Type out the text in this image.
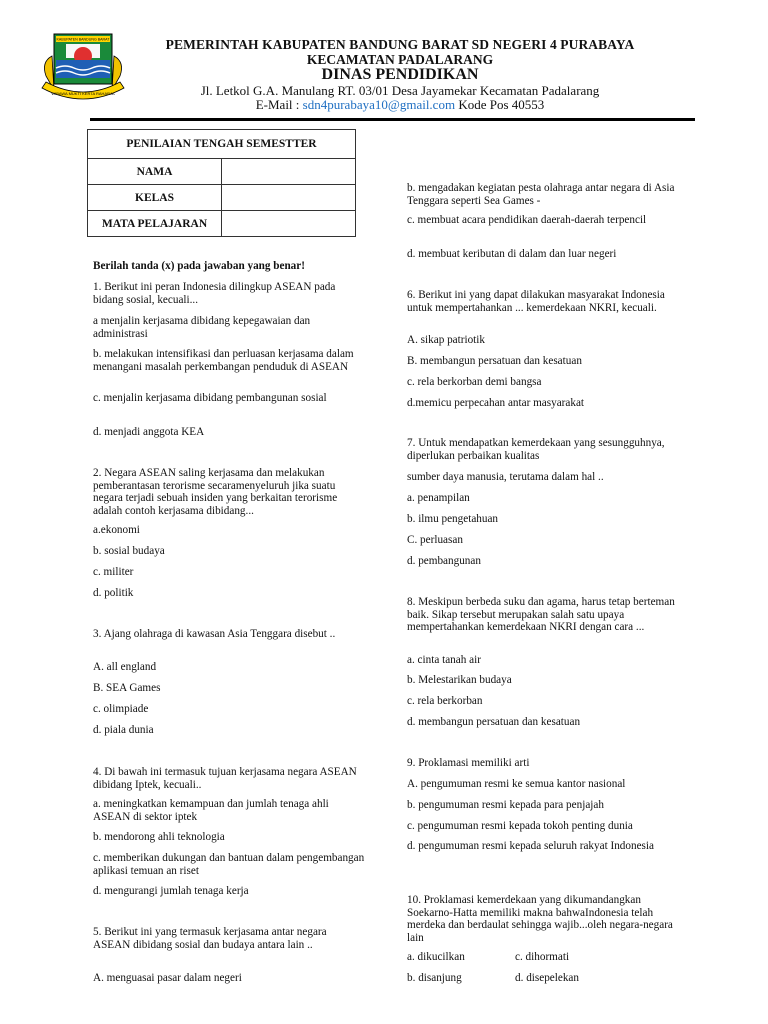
KABUPATEN BANDUNG BARAT
WIBAWA MUKTI KERTA RAHARJA
PEMERINTAH KABUPATEN BANDUNG BARAT SD NEGERI 4 PURABAYA
KECAMATAN PADALARANG
DINAS PENDIDIKAN
Jl. Letkol G.A. Manulang RT. 03/01 Desa Jayamekar Kecamatan Padalarang
E-Mail : sdn4purabaya10@gmail.com Kode Pos 40553
PENILAIAN TENGAH SEMESTTER	
NAMA	
KELAS	
MATA PELAJARAN	
Berilah tanda (x) pada jawaban yang benar!
1. Berikut ini peran Indonesia dilingkup ASEAN pada bidang sosial, kecuali...
a menjalin kerjasama dibidang kepegawaian dan administrasi
b. melakukan intensifikasi dan perluasan kerjasama dalam menangani masalah perkembangan penduduk di ASEAN
c. menjalin kerjasama dibidang pembangunan sosial
d. menjadi anggota KEA
2. Negara ASEAN saling kerjasama dan melakukan pemberantasan terorisme secaramenyeluruh jika suatu negara terjadi sebuah insiden yang berkaitan terorisme adalah contoh kerjasama dibidang...
a.ekonomi
b. sosial budaya
c. militer
d. politik
3. Ajang olahraga di kawasan Asia Tenggara disebut ..
A. all england
B. SEA Games
c. olimpiade
d. piala dunia
4. Di bawah ini termasuk tujuan kerjasama negara ASEAN dibidang Iptek, kecuali..
a. meningkatkan kemampuan dan jumlah tenaga ahli ASEAN di sektor iptek
b. mendorong ahli teknologia
c. memberikan dukungan dan bantuan dalam pengembangan aplikasi temuan an riset
d. mengurangi jumlah tenaga kerja
5. Berikut ini yang termasuk kerjasama antar negara ASEAN dibidang sosial dan budaya antara lain ..
A. menguasai pasar dalam negeri
b. mengadakan kegiatan pesta olahraga antar negara di Asia Tenggara seperti Sea Games -
c. membuat acara pendidikan daerah-daerah terpencil
d. membuat keributan di dalam dan luar negeri
6. Berikut ini yang dapat dilakukan masyarakat Indonesia untuk mempertahankan ... kemerdekaan NKRI, kecuali.
A. sikap patriotik
B. membangun persatuan dan kesatuan
c. rela berkorban demi bangsa
d.memicu perpecahan antar masyarakat
7. Untuk mendapatkan kemerdekaan yang sesungguhnya, diperlukan perbaikan kualitas
sumber daya manusia, terutama dalam hal ..
a. penampilan
b. ilmu pengetahuan
C. perluasan
d. pembangunan
8. Meskipun berbeda suku dan agama, harus tetap berteman baik. Sikap tersebut merupakan salah satu upaya mempertahankan kemerdekaan NKRI dengan cara ...
a. cinta tanah air
b. Melestarikan budaya
c. rela berkorban
d. membangun persatuan dan kesatuan
9. Proklamasi memiliki arti
A. pengumuman resmi ke semua kantor nasional
b. pengumuman resmi kepada para penjajah
c. pengumuman resmi kepada tokoh penting dunia
d. pengumuman resmi kepada seluruh rakyat Indonesia
10. Proklamasi kemerdekaan yang dikumandangkan Soekarno-Hatta memiliki makna bahwaIndonesia telah merdeka dan berdaulat sehingga wajib...oleh negara-negara lain
a. dikucilkan	c. dihormati
b. disanjung	d. disepelekan
